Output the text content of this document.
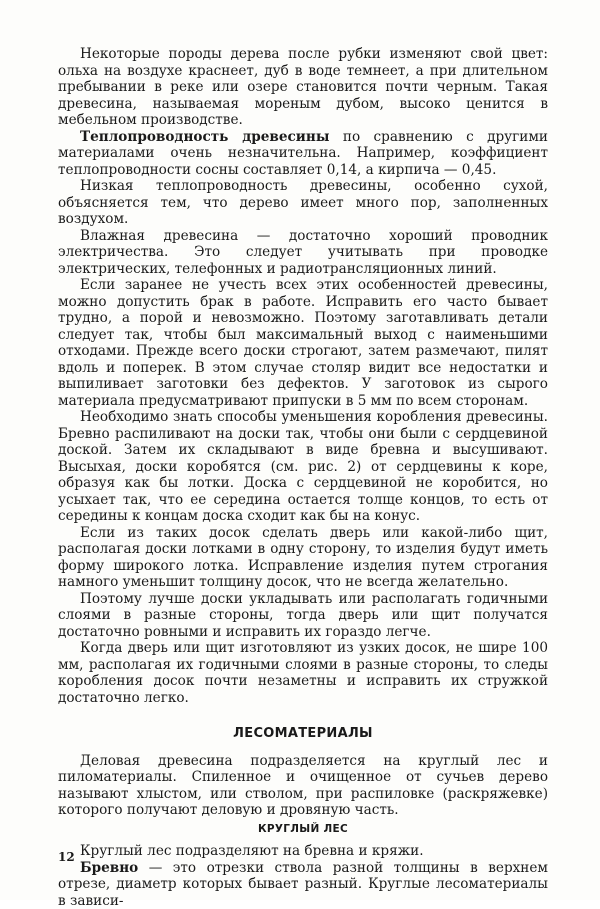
Некоторые породы дерева после рубки изменяют свой цвет: ольха на воздухе краснеет, дуб в воде темнеет, а при длительном пребывании в реке или озере становится почти черным. Такая древесина, называемая мореным дубом, высоко ценится в мебельном производстве.

Теплопроводность древесины по сравнению с другими материалами очень незначительна. Например, коэффициент теплопроводности сосны составляет 0,14, а кирпича — 0,45.

Низкая теплопроводность древесины, особенно сухой, объясняется тем, что дерево имеет много пор, заполненных воздухом.

Влажная древесина — достаточно хороший проводник электричества. Это следует учитывать при проводке электрических, телефонных и радиотрансляционных линий.

Если заранее не учесть всех этих особенностей древесины, можно допустить брак в работе. Исправить его часто бывает трудно, а порой и невозможно. Поэтому заготавливать детали следует так, чтобы был максимальный выход с наименьшими отходами. Прежде всего доски строгают, затем размечают, пилят вдоль и поперек. В этом случае столяр видит все недостатки и выпиливает заготовки без дефектов. У заготовок из сырого материала предусматривают припуски в 5 мм по всем сторонам.

Необходимо знать способы уменьшения коробления древесины. Бревно распиливают на доски так, чтобы они были с сердцевиной доской. Затем их складывают в виде бревна и высушивают. Высыхая, доски коробятся (см. рис. 2) от сердцевины к коре, образуя как бы лотки. Доска с сердцевиной не коробится, но усыхает так, что ее середина остается толще концов, то есть от середины к концам доска сходит как бы на конус.

Если из таких досок сделать дверь или какой-либо щит, располагая доски лотками в одну сторону, то изделия будут иметь форму широкого лотка. Исправление изделия путем строгания намного уменьшит толщину досок, что не всегда желательно.

Поэтому лучше доски укладывать или располагать годичными слоями в разные стороны, тогда дверь или щит получатся достаточно ровными и исправить их гораздо легче.

Когда дверь или щит изготовляют из узких досок, не шире 100 мм, располагая их годичными слоями в разные стороны, то следы коробления досок почти незаметны и исправить их стружкой достаточно легко.

ЛЕСОМАТЕРИАЛЫ

Деловая древесина подразделяется на круглый лес и пиломатериалы. Спиленное и очищенное от сучьев дерево называют хлыстом, или стволом, при распиловке (раскряжевке) которого получают деловую и дровяную часть.

КРУГЛЫЙ ЛЕС

Круглый лес подразделяют на бревна и кряжи.

Бревно — это отрезки ствола разной толщины в верхнем отрезе, диаметр которых бывает разный. Круглые лесоматериалы в зависи-

12
